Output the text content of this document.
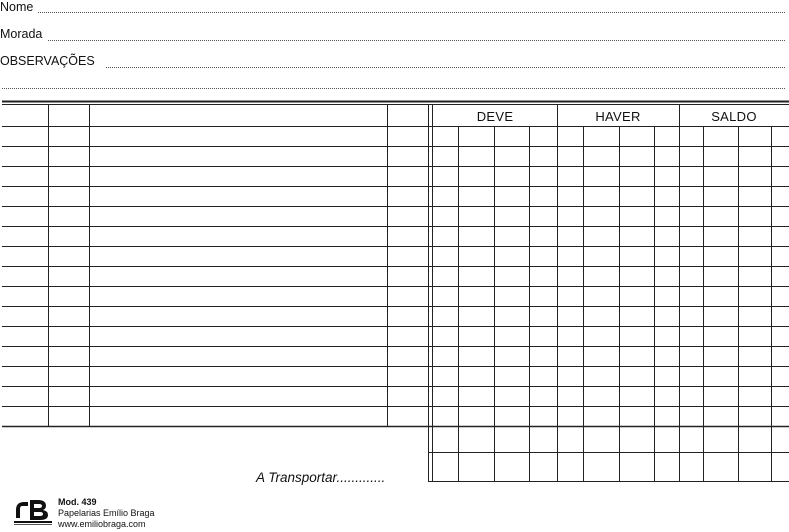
Nome
Morada
OBSERVAÇÕES
DEVE	HAVER	SALDO
A Transportar.............
Mod. 439
Papelarias Emílio Braga
www.emiliobraga.com
